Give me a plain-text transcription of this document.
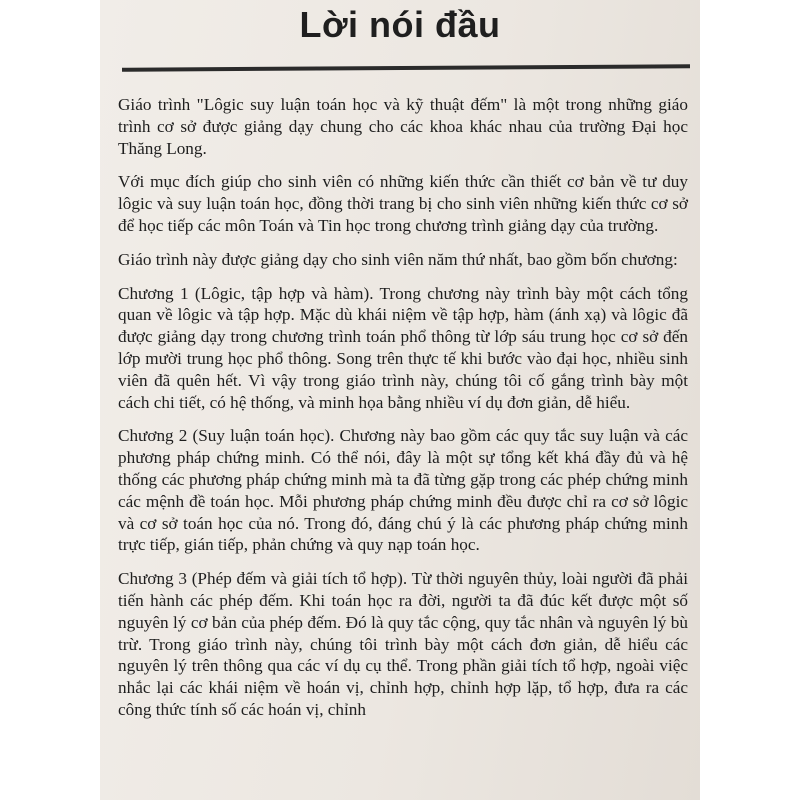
Lời nói đầu

Giáo trình "Lôgic suy luận toán học và kỹ thuật đếm" là một trong những giáo trình cơ sở được giảng dạy chung cho các khoa khác nhau của trường Đại học Thăng Long.

Với mục đích giúp cho sinh viên có những kiến thức cần thiết cơ bản về tư duy lôgic và suy luận toán học, đồng thời trang bị cho sinh viên những kiến thức cơ sở để học tiếp các môn Toán và Tin học trong chương trình giảng dạy của trường.

Giáo trình này được giảng dạy cho sinh viên năm thứ nhất, bao gồm bốn chương:

Chương 1 (Lôgic, tập hợp và hàm). Trong chương này trình bày một cách tổng quan về lôgic và tập hợp. Mặc dù khái niệm về tập hợp, hàm (ánh xạ) và lôgic đã được giảng dạy trong chương trình toán phổ thông từ lớp sáu trung học cơ sở đến lớp mười trung học phổ thông. Song trên thực tế khi bước vào đại học, nhiều sinh viên đã quên hết. Vì vậy trong giáo trình này, chúng tôi cố gắng trình bày một cách chi tiết, có hệ thống, và minh họa bằng nhiều ví dụ đơn giản, dễ hiểu.

Chương 2 (Suy luận toán học). Chương này bao gồm các quy tắc suy luận và các phương pháp chứng minh. Có thể nói, đây là một sự tổng kết khá đầy đủ và hệ thống các phương pháp chứng minh mà ta đã từng gặp trong các phép chứng minh các mệnh đề toán học. Mỗi phương pháp chứng minh đều được chỉ ra cơ sở lôgic và cơ sở toán học của nó. Trong đó, đáng chú ý là các phương pháp chứng minh trực tiếp, gián tiếp, phản chứng và quy nạp toán học.

Chương 3 (Phép đếm và giải tích tổ hợp). Từ thời nguyên thủy, loài người đã phải tiến hành các phép đếm. Khi toán học ra đời, người ta đã đúc kết được một số nguyên lý cơ bản của phép đếm. Đó là quy tắc cộng, quy tắc nhân và nguyên lý bù trừ. Trong giáo trình này, chúng tôi trình bày một cách đơn giản, dễ hiểu các nguyên lý trên thông qua các ví dụ cụ thể. Trong phần giải tích tổ hợp, ngoài việc nhắc lại các khái niệm về hoán vị, chỉnh hợp, chỉnh hợp lặp, tổ hợp, đưa ra các công thức tính số các hoán vị, chỉnh
